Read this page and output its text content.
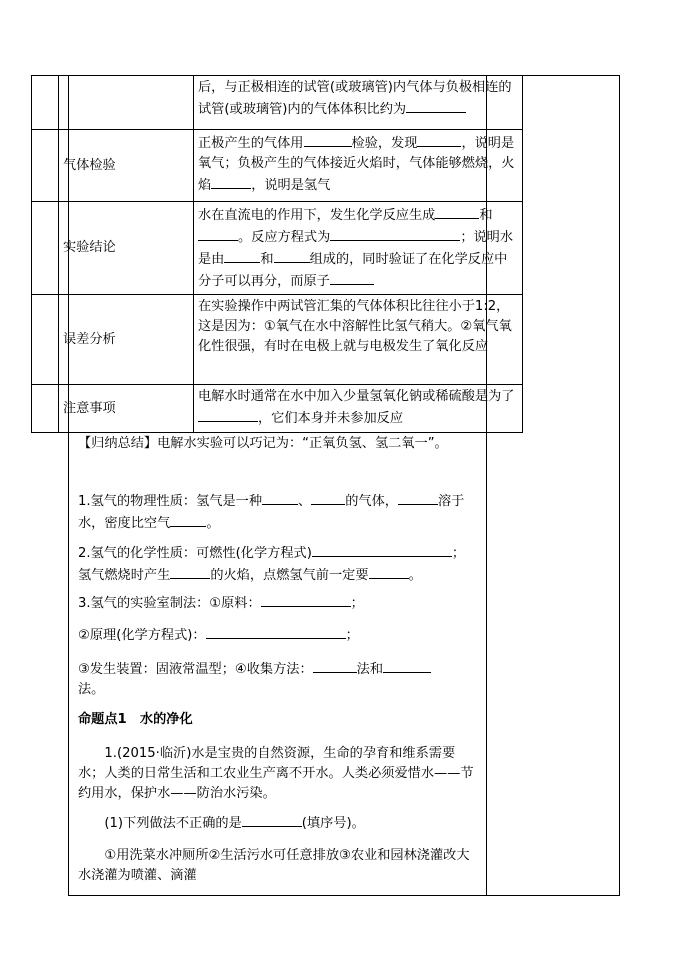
		后，与正极相连的试管(或玻璃管)内气体与负极相连的试管(或玻璃管)内的气体体积比约为
	气体检验	正极产生的气体用 检验，发现 ，说明是氧气；负极产生的气体接近火焰时，气体能够燃烧，火焰 ，说明是氢气
	实验结论	水在直流电的作用下，发生化学反应生成 和。反应方程式为 ；说明水是由 和 组成的，同时验证了在化学反应中分子可以再分，而原子
	误差分析	在实验操作中两试管汇集的气体体积比往往小于1:2，这是因为：①氧气在水中溶解性比氢气稍大。②氧气氧化性很强，有时在电极上就与电极发生了氧化反应
	注意事项	电解水时通常在水中加入少量氢氧化钠或稀硫酸是为了，它们本身并未参加反应

【归纳总结】电解水实验可以巧记为：“正氧负氢、氢二氧一”。

1.氢气的物理性质：氢气是一种	、	的气体，	溶于水，密度比空气	。

2.氢气的化学性质：可燃性(化学方程式)	；
氢气燃烧时产生	的火焰，点燃氢气前一定要	。

3.氢气的实验室制法：①原料：	；

②原理(化学方程式)：	；

③发生装置：固液常温型；④收集方法：	法和
法。

命题点1　水的净化
1.(2015·临沂)水是宝贵的自然资源，生命的孕育和维系需要水；人类的日常生活和工农业生产离不开水。人类必须爱惜水——节约用水，保护水——防治水污染。
(1)下列做法不正确的是	(填序号)。
①用洗菜水冲厕所②生活污水可任意排放③农业和园林浇灌改大水浇灌为喷灌、滴灌
